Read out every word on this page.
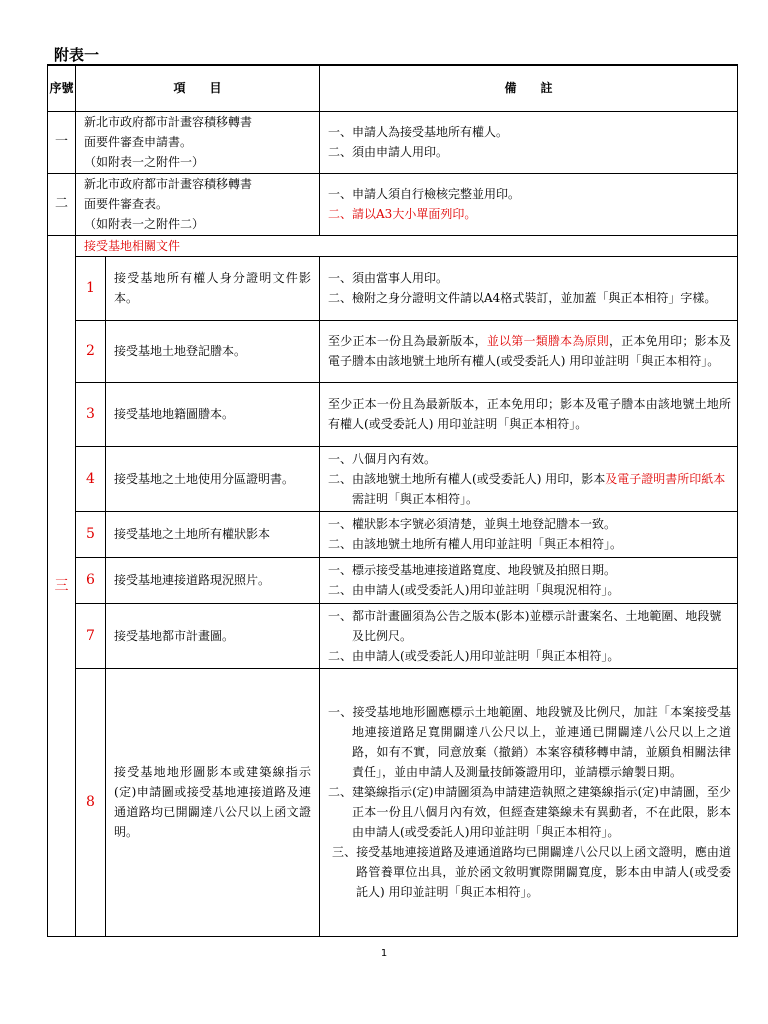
附表一
序號	項　　目		備　　註
一	新北市政府都市計畫容積移轉書
面要件審查申請書。
（如附表一之附件一）		一、申請人為接受基地所有權人。
二、須由申請人用印。

二	新北市政府都市計畫容積移轉書
面要件審查表。
（如附表一之附件二）		一、申請人須自行檢核完整並用印。
二、請以A3大小單面列印。

三	接受基地相關文件		
	1	接受基地所有權人身分證明文件影本。	一、須由當事人用印。
二、檢附之身分證明文件請以A4格式裝訂，並加蓋「與正本相符」字樣。

	2	接受基地土地登記謄本。	至少正本一份且為最新版本，並以第一類謄本為原則，正本免用印；影本及電子謄本由該地號土地所有權人(或受委託人) 用印並註明「與正本相符」。
	3	接受基地地籍圖謄本。	至少正本一份且為最新版本，正本免用印；影本及電子謄本由該地號土地所有權人(或受委託人) 用印並註明「與正本相符」。
	4	接受基地之土地使用分區證明書。	一、八個月內有效。
二、由該地號土地所有權人(或受委託人) 用印，影本及電子證明書所印紙本需註明「與正本相符」。

	5	接受基地之土地所有權狀影本	一、權狀影本字號必須清楚，並與土地登記謄本一致。
二、由該地號土地所有權人用印並註明「與正本相符」。

	6	接受基地連接道路現況照片。	一、標示接受基地連接道路寬度、地段號及拍照日期。
二、由申請人(或受委託人)用印並註明「與現況相符」。

	7	接受基地都市計畫圖。	一、都市計畫圖須為公告之版本(影本)並標示計畫案名、土地範圍、地段號及比例尺。
二、由申請人(或受委託人)用印並註明「與正本相符」。

	8	接受基地地形圖影本或建築線指示(定)申請圖或接受基地連接道路及連通道路均已開闢達八公尺以上函文證明。	一、接受基地地形圖應標示土地範圍、地段號及比例尺，加註「本案接受基地連接道路足寬開闢達八公尺以上，並連通已開闢達八公尺以上之道路，如有不實，同意放棄（撤銷）本案容積移轉申請，並願負相關法律責任」，並由申請人及測量技師簽證用印，並請標示繪製日期。
二、建築線指示(定)申請圖須為申請建造執照之建築線指示(定)申請圖，至少正本一份且八個月內有效，但經查建築線未有異動者，不在此限，影本由申請人(或受委託人)用印並註明「與正本相符」。
三、接受基地連接道路及連通道路均已開闢達八公尺以上函文證明，應由道路管養單位出具，並於函文敘明實際開闢寬度，影本由申請人(或受委託人) 用印並註明「與正本相符」。
1
